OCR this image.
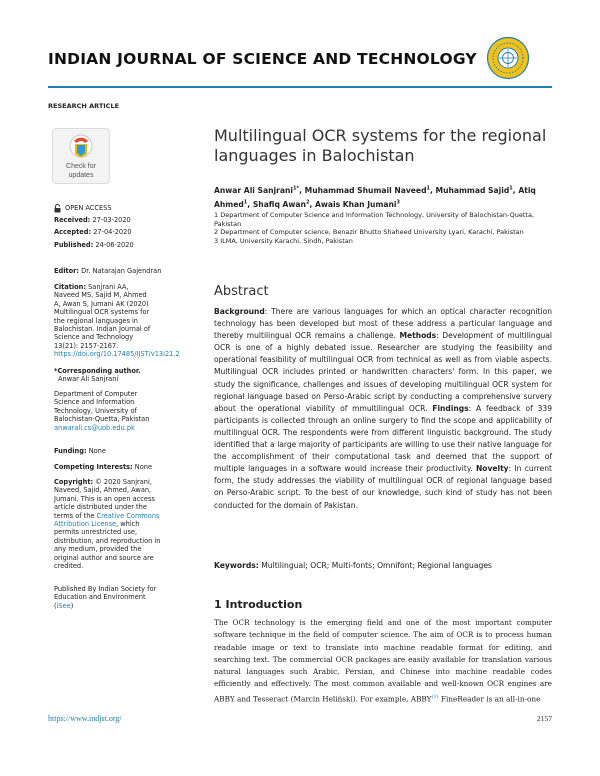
INDIAN JOURNAL OF SCIENCE AND TECHNOLOGY
RESEARCH ARTICLE
Check for
updates
OPEN ACCESS
Received: 27-03-2020
Accepted: 27-04-2020
Published: 24-06-2020
Editor: Dr. Natarajan Gajendran
Citation: Sanjrani AA, Naveed MS, Sajid M, Ahmed A, Awan S, Jumani AK (2020) Multilingual OCR systems for the regional languages in Balochistan. Indian Journal of Science and Technology 13(21): 2157-2167. https://doi.org/10.17485/IJST/v13i21.2
*Corresponding author.
Anwar Ali Sanjrani
Department of Computer Science and Information Technology, University of Balochistan-Quetta, Pakistan
anwarali.cs@uob.edu.pk
Funding: None
Competing Interests: None
Copyright: © 2020 Sanjrani, Naveed, Sajid, Ahmed, Awan, Jumani. This is an open access article distributed under the terms of the Creative Commons Attribution License, which permits unrestricted use, distribution, and reproduction in any medium, provided the original author and source are credited.
Published By Indian Society for Education and Environment (iSee)
Multilingual OCR systems for the regional languages in Balochistan
Anwar Ali Sanjrani$^{1*}$, Muhammad Shumail Naveed$^1$, Muhammad Sajid$^1$, Atiq Ahmed$^1$, Shafiq Awan$^2$, Awais Khan Jumani$^3$
1 Department of Computer Science and Information Technology, University of Balochistan-Quetta, Pakistan
2 Department of Computer science, Benazir Bhutto Shaheed University Lyari, Karachi, Pakistan
3 ILMA, University Karachi, Sindh, Pakistan
Abstract
Background: There are various languages for which an optical character recognition technology has been developed but most of these address a particular language and thereby multilingual OCR remains a challenge. Methods: Development of multilingual OCR is one of a highly debated issue. Researcher are studying the feasibility and operational feasibility of multilingual OCR from technical as well as from viable aspects. Multilingual OCR includes printed or handwritten characters' form. In this paper, we study the significance, challenges and issues of developing multilingual OCR system for regional language based on Perso-Arabic script by conducting a comprehensive survery about the operational viability of mmultilingual OCR. Findings: A feedback of 339 participants is collected through an online surgery to find the scope and applicability of multilingual OCR. The respondents were from different linguistic background. The study identified that a large majority of participants are willing to use their native language for the accomplishment of their computational task and deemed that the support of multiple languages in a software would increase their productivity. Novelty: In current form, the study addresses the viability of multilingual OCR of regional language based on Perso-Arabic script. To the best of our knowledge, such kind of study has not been conducted for the domain of Pakistan.
Keywords: Multilingual; OCR; Multi-fonts; Omnifont; Regional languages
1 Introduction
The OCR technology is the emerging field and one of the most important computer software technique in the field of computer science. The aim of OCR is to process human readable image or text to translate into machine readable format for editing, and searching text. The commercial OCR packages are easily available for translation various natural languages such Arabic, Persian, and Chinese into machine readable codes efficiently and effectively. The most common available and well-known OCR engines are ABBY and Tesseract (Marcin Heliński). For example, ABBY$^{(1)}$ FineReader is an all-in-one
https://www.indjst.org/	2157
